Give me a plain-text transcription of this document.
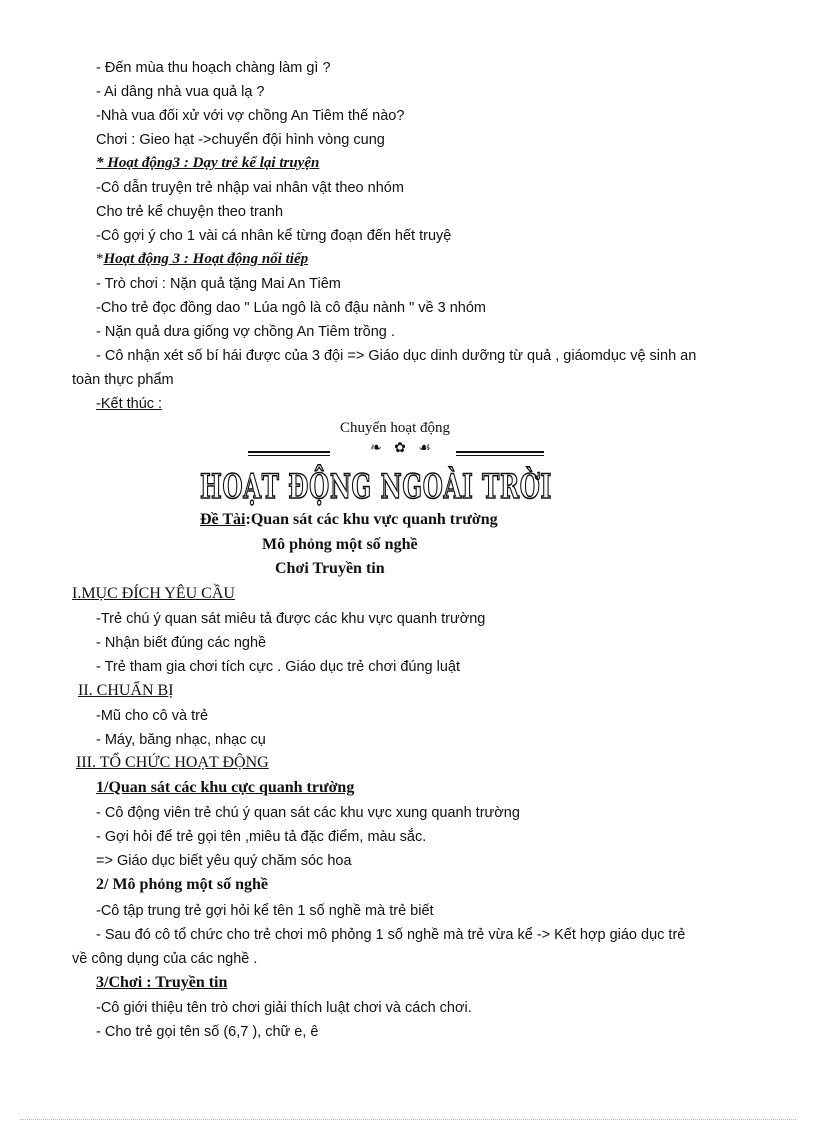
- Đến mùa thu hoạch chàng làm gì ?
- Ai dâng nhà vua quả lạ ?
-Nhà vua đối xử với vợ chồng An Tiêm thế nào?
Chơi : Gieo hạt ->chuyển đội hình vòng cung
* Hoạt động3 : Dạy trẻ kể lại truyện
-Cô dẫn truyện trẻ nhập vai nhân vật theo nhóm
Cho trẻ kể chuyện theo tranh
-Cô gợi ý cho 1 vài cá nhân kể từng đoạn đến hết truyệ
*Hoạt động 3 : Hoạt động nối tiếp
- Trò chơi : Nặn quả tặng Mai An Tiêm
-Cho trẻ đọc đồng dao " Lúa ngô là cô đậu nành " về 3 nhóm
- Nặn quả dưa giống vợ chồng An Tiêm trồng .
- Cô nhận xét số bí hái được của 3 đội => Giáo dục dinh dưỡng từ quả , giáomdục vệ sinh an
toàn thực phẩm
-Kết thúc :
Chuyển hoạt động
❧ ✿ ☙
HOẠT ĐỘNG NGOÀI TRỜI
Đề Tài:Quan sát các khu vực quanh trường
Mô phỏng một số nghề
Chơi Truyền tin
I.MỤC ĐÍCH YÊU CẦU
-Trẻ chú ý quan sát miêu tả được các khu vực quanh trường
- Nhận biết đúng các nghề
- Trẻ tham gia chơi tích cực . Giáo dục trẻ chơi đúng luật
II. CHUẨN BỊ
-Mũ cho cô và trẻ
- Máy, băng nhạc, nhạc cụ
III. TỔ CHỨC HOẠT ĐỘNG
1/Quan sát các khu cực quanh trường
- Cô động viên trẻ chú ý quan sát các khu vực xung quanh trường
- Gợi hỏi để trẻ gọi tên ,miêu tả đặc điểm, màu sắc.
=> Giáo dục biết yêu quý chăm sóc hoa
2/ Mô phỏng một số nghề
-Cô tập trung trẻ gợi hỏi kể tên 1 số nghề mà trẻ biết
- Sau đó cô tổ chức cho trẻ chơi mô phỏng 1 số nghề mà trẻ vừa kể -> Kết hợp giáo dục trẻ
về công dụng của các nghề .
3/Chơi : Truyền tin
-Cô giới thiệu tên trò chơi giải thích luật chơi và cách chơi.
- Cho trẻ gọi tên số (6,7 ), chữ e, ê
